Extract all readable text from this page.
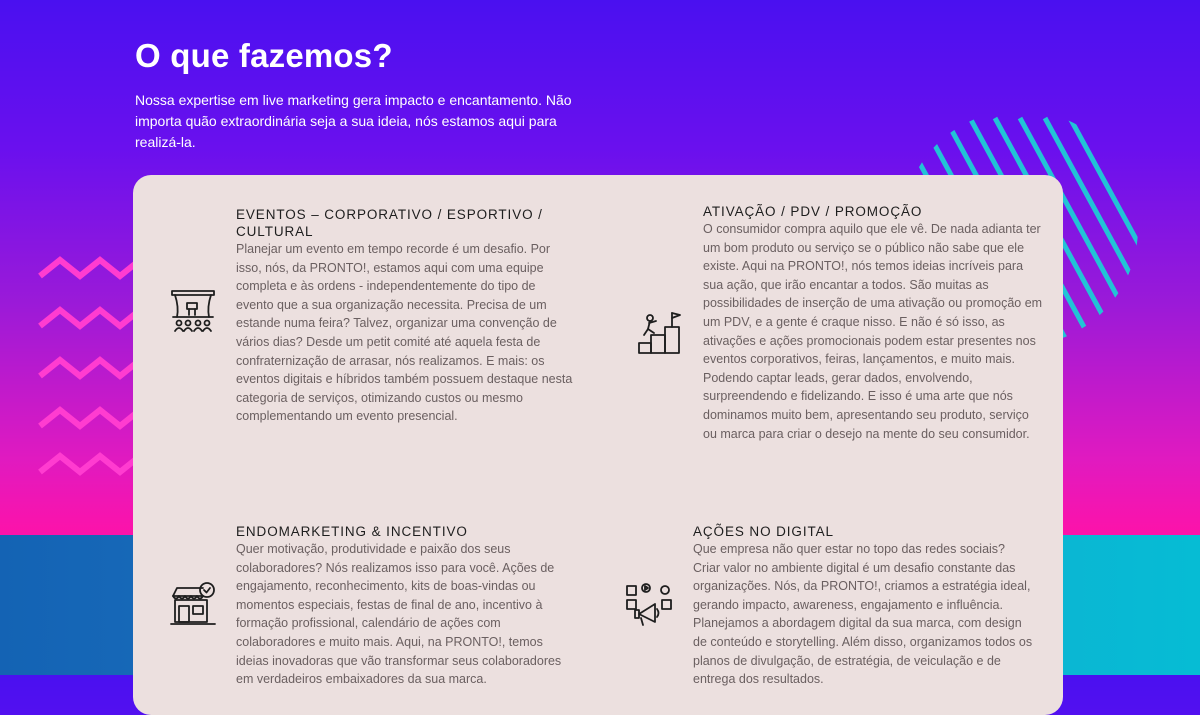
O que fazemos?

Nossa expertise em live marketing gera impacto e encantamento. Não importa quão extraordinária seja a sua ideia, nós estamos aqui para realizá-la.

EVENTOS – CORPORATIVO / ESPORTIVO / CULTURAL

Planejar um evento em tempo recorde é um desafio. Por isso, nós, da PRONTO!, estamos aqui com uma equipe completa e às ordens - independentemente do tipo de evento que a sua organização necessita. Precisa de um estande numa feira? Talvez, organizar uma convenção de vários dias? Desde um petit comité até aquela festa de confraternização de arrasar, nós realizamos. E mais: os eventos digitais e híbridos também possuem destaque nesta categoria de serviços, otimizando custos ou mesmo complementando um evento presencial.

ATIVAÇÃO / PDV / PROMOÇÃO

O consumidor compra aquilo que ele vê. De nada adianta ter um bom produto ou serviço se o público não sabe que ele existe. Aqui na PRONTO!, nós temos ideias incríveis para sua ação, que irão encantar a todos. São muitas as possibilidades de inserção de uma ativação ou promoção em um PDV, e a gente é craque nisso. E não é só isso, as ativações e ações promocionais podem estar presentes nos eventos corporativos, feiras, lançamentos, e muito mais. Podendo captar leads, gerar dados, envolvendo, surpreendendo e fidelizando. E isso é uma arte que nós dominamos muito bem, apresentando seu produto, serviço ou marca para criar o desejo na mente do seu consumidor.

ENDOMARKETING & INCENTIVO

Quer motivação, produtividade e paixão dos seus colaboradores? Nós realizamos isso para você. Ações de engajamento, reconhecimento, kits de boas-vindas ou momentos especiais, festas de final de ano, incentivo à formação profissional, calendário de ações com colaboradores e muito mais. Aqui, na PRONTO!, temos ideias inovadoras que vão transformar seus colaboradores em verdadeiros embaixadores da sua marca.

AÇÕES NO DIGITAL

Que empresa não quer estar no topo das redes sociais? Criar valor no ambiente digital é um desafio constante das organizações. Nós, da PRONTO!, criamos a estratégia ideal, gerando impacto, awareness, engajamento e influência. Planejamos a abordagem digital da sua marca, com design de conteúdo e storytelling. Além disso, organizamos todos os planos de divulgação, de estratégia, de veiculação e de entrega dos resultados.
